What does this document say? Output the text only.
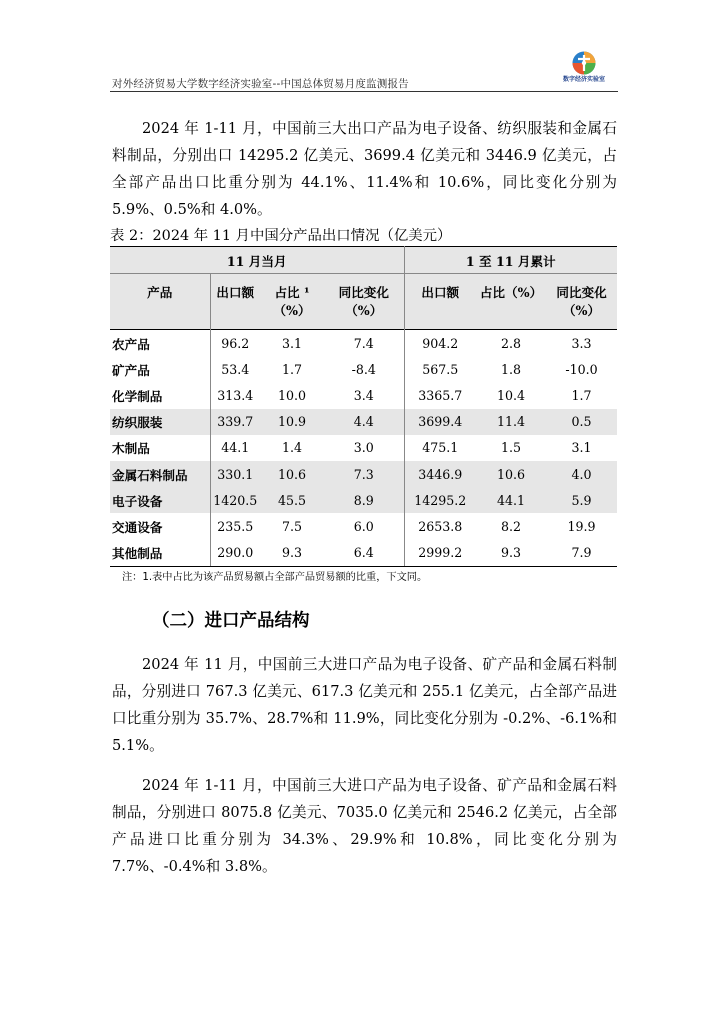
对外经济贸易大学数字经济实验室--中国总体贸易月度监测报告	数字经济实验室

2024 年 1-11 月，中国前三大出口产品为电子设备、纺织服装和金属石料制品，分别出口 14295.2 亿美元、3699.4 亿美元和 3446.9 亿美元，占全部产品出口比重分别为 44.1%、11.4%和 10.6%，同比变化分别为 5.9%、0.5%和 4.0%。

表 2：2024 年 11 月中国分产品出口情况（亿美元）
11 月当月				1 至 11 月累计		
产品	出口额	占比 ¹（%）	同比变化（%）	出口额	占比（%）	同比变化（%）
农产品	96.2	3.1	7.4	904.2	2.8	3.3
矿产品	53.4	1.7	-8.4	567.5	1.8	-10.0
化学制品	313.4	10.0	3.4	3365.7	10.4	1.7
纺织服装	339.7	10.9	4.4	3699.4	11.4	0.5
木制品	44.1	1.4	3.0	475.1	1.5	3.1
金属石料制品	330.1	10.6	7.3	3446.9	10.6	4.0
电子设备	1420.5	45.5	8.9	14295.2	44.1	5.9
交通设备	235.5	7.5	6.0	2653.8	8.2	19.9
其他制品	290.0	9.3	6.4	2999.2	9.3	7.9
注：1.表中占比为该产品贸易额占全部产品贸易额的比重，下文同。
（二）进口产品结构

2024 年 11 月，中国前三大进口产品为电子设备、矿产品和金属石料制品，分别进口 767.3 亿美元、617.3 亿美元和 255.1 亿美元，占全部产品进口比重分别为 35.7%、28.7%和 11.9%，同比变化分别为 -0.2%、-6.1%和 5.1%。

2024 年 1-11 月，中国前三大进口产品为电子设备、矿产品和金属石料制品，分别进口 8075.8 亿美元、7035.0 亿美元和 2546.2 亿美元，占全部产品进口比重分别为 34.3%、29.9%和 10.8%，同比变化分别为 7.7%、-0.4%和 3.8%。
